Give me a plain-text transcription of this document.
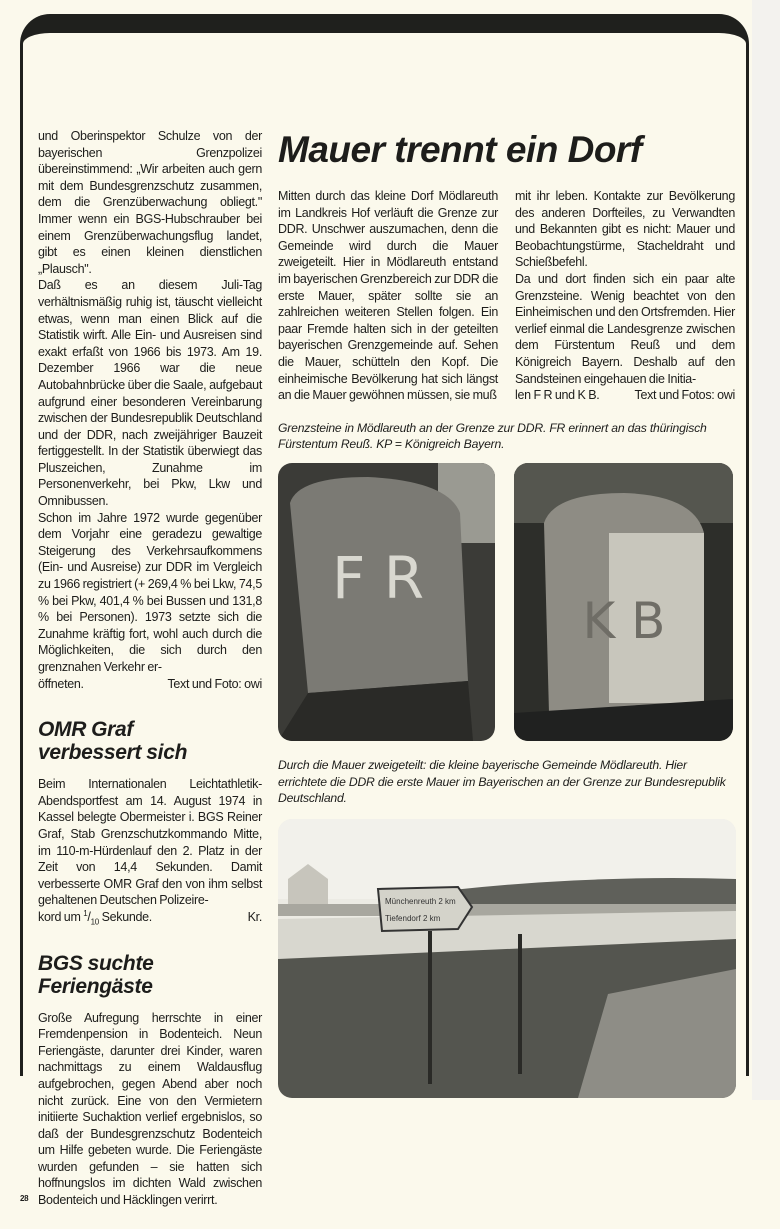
und Oberinspektor Schulze von der bayerischen Grenzpolizei übereinstimmend: „Wir arbeiten auch gern mit dem Bundesgrenzschutz zusammen, dem die Grenzüberwachung obliegt." Immer wenn ein BGS-Hubschrauber bei einem Grenzüberwachungsflug landet, gibt es einen kleinen dienstlichen „Plausch".

Daß es an diesem Juli-Tag verhältnismäßig ruhig ist, täuscht vielleicht etwas, wenn man einen Blick auf die Statistik wirft. Alle Ein- und Ausreisen sind exakt erfaßt von 1966 bis 1973. Am 19. Dezember 1966 war die neue Autobahnbrücke über die Saale, aufgebaut aufgrund einer besonderen Vereinbarung zwischen der Bundesrepublik Deutschland und der DDR, nach zweijähriger Bauzeit fertiggestellt. In der Statistik überwiegt das Pluszeichen, Zunahme im Personenverkehr, bei Pkw, Lkw und Omnibussen.

Schon im Jahre 1972 wurde gegenüber dem Vorjahr eine geradezu gewaltige Steigerung des Verkehrsaufkommens (Ein- und Ausreise) zur DDR im Vergleich zu 1966 registriert (+ 269,4 % bei Lkw, 74,5 % bei Pkw, 401,4 % bei Bussen und 131,8 % bei Personen). 1973 setzte sich die Zunahme kräftig fort, wohl auch durch die Möglichkeiten, die sich durch den grenznahen Verkehr er-

öffneten.	Text und Foto: owi
OMR Graf
verbessert sich

Beim Internationalen Leichtathletik-Abendsportfest am 14. August 1974 in Kassel belegte Obermeister i. BGS Reiner Graf, Stab Grenzschutzkommando Mitte, im 110-m-Hürdenlauf den 2. Platz in der Zeit von 14,4 Sekunden. Damit verbesserte OMR Graf den von ihm selbst gehaltenen Deutschen Polizeire-

kord um $^1/_{10}$ Sekunde.	Kr.
BGS suchte
Feriengäste

Große Aufregung herrschte in einer Fremdenpension in Bodenteich. Neun Feriengäste, darunter drei Kinder, waren nachmittags zu einem Waldausflug aufgebrochen, gegen Abend aber noch nicht zurück. Eine von den Vermietern initiierte Suchaktion verlief ergebnislos, so daß der Bundesgrenzschutz Bodenteich um Hilfe gebeten wurde. Die Feriengäste wurden gefunden – sie hatten sich hoffnungslos im dichten Wald zwischen Bodenteich und Häcklingen verirrt.

28
Mauer trennt ein Dorf

Mitten durch das kleine Dorf Mödlareuth im Landkreis Hof verläuft die Grenze zur DDR. Unschwer auszumachen, denn die Gemeinde wird durch die Mauer zweigeteilt. Hier in Mödlareuth entstand im bayerischen Grenzbereich zur DDR die erste Mauer, später sollte sie an zahlreichen weiteren Stellen folgen. Ein paar Fremde halten sich in der geteilten bayerischen Grenzgemeinde auf. Sehen die Mauer, schütteln den Kopf. Die einheimische Bevölkerung hat sich längst an die Mauer gewöhnen müssen, sie muß

mit ihr leben. Kontakte zur Bevölkerung des anderen Dorfteiles, zu Verwandten und Bekannten gibt es nicht: Mauer und Beobachtungstürme, Stacheldraht und Schießbefehl.

Da und dort finden sich ein paar alte Grenzsteine. Wenig beachtet von den Einheimischen und den Ortsfremden. Hier verlief einmal die Landesgrenze zwischen dem Fürstentum Reuß und dem Königreich Bayern. Deshalb auf den Sandsteinen eingehauen die Initia-

len F R und K B.	Text und Fotos: owi
Grenzsteine in Mödlareuth an der Grenze zur DDR. FR erinnert an das thüringisch Fürstentum Reuß. KP = Königreich Bayern.
F R
K B
Durch die Mauer zweigeteilt: die kleine bayerische Gemeinde Mödlareuth. Hier errichtete die DDR die erste Mauer im Bayerischen an der Grenze zur Bundesrepublik Deutschland.
Münchenreuth 2 km
Tiefendorf 2 km
